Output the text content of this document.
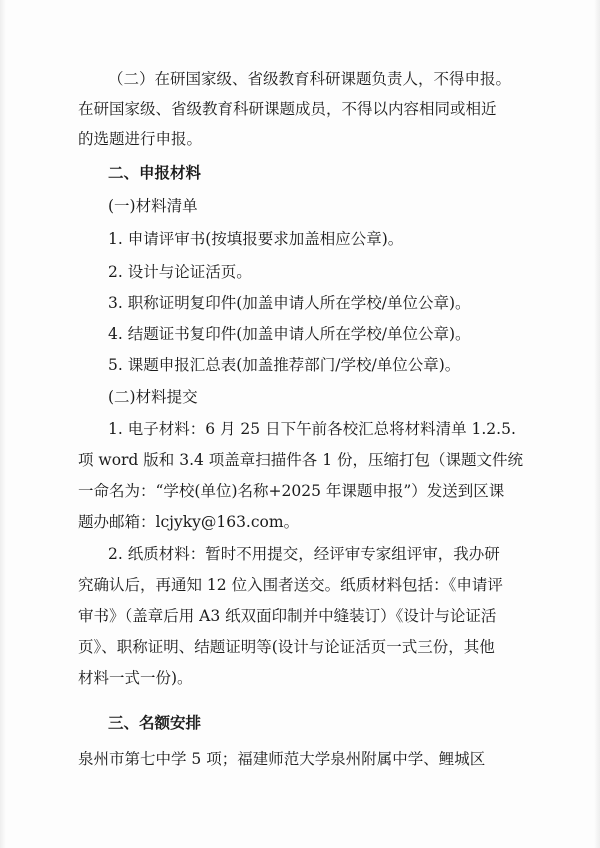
（二）在研国家级、省级教育科研课题负责人，不得申报。
在研国家级、省级教育科研课题成员，不得以内容相同或相近
的选题进行申报。
二、申报材料
(一)材料清单
1. 申请评审书(按填报要求加盖相应公章)。
2. 设计与论证活页。
3. 职称证明复印件(加盖申请人所在学校/单位公章)。
4. 结题证书复印件(加盖申请人所在学校/单位公章)。
5. 课题申报汇总表(加盖推荐部门/学校/单位公章)。
(二)材料提交
1. 电子材料：6 月 25 日下午前各校汇总将材料清单 1.2.5.
项 word 版和 3.4 项盖章扫描件各 1 份，压缩打包（课题文件统
一命名为：“学校(单位)名称+2025 年课题申报”）发送到区课
题办邮箱：lcjyky@163.com。
2. 纸质材料：暂时不用提交，经评审专家组评审，我办研
究确认后，再通知 12 位入围者送交。纸质材料包括：《申请评
审书》（盖章后用 A3 纸双面印制并中缝装订）《设计与论证活
页》、职称证明、结题证明等(设计与论证活页一式三份，其他
材料一式一份)。
三、名额安排
泉州市第七中学 5 项；福建师范大学泉州附属中学、鲤城区
